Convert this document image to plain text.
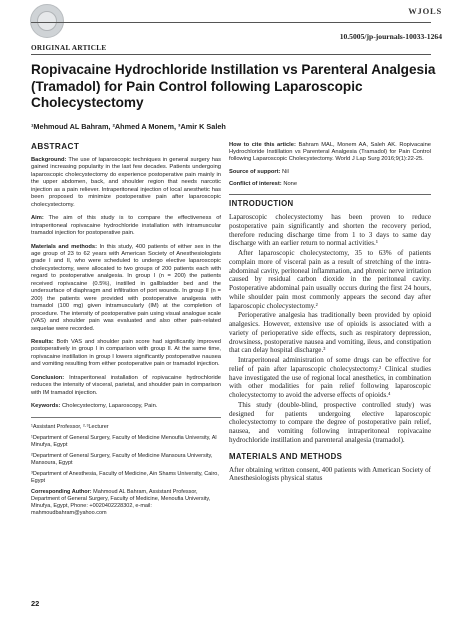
WJOLS
10.5005/jp-journals-10033-1264
ORIGINAL ARTICLE
Ropivacaine Hydrochloride Instillation vs Parenteral Analgesia (Tramadol) for Pain Control following Laparoscopic Cholecystectomy
¹Mehmoud AL Bahram, ²Ahmed A Monem, ³Amir K Saleh
ABSTRACT

Background: The use of laparoscopic techniques in general surgery has gained increasing popularity in the last few decades. Patients undergoing laparoscopic cholecystectomy do experience postoperative pain mainly in the upper abdomen, back, and shoulder region that needs narcotic injection as a pain reliever. Intraperitoneal injection of local anesthetic has been proposed to minimize postoperative pain after laparoscopic cholecystectomy.

Aim: The aim of this study is to compare the effectiveness of intraperitoneal ropivacaine hydrochloride installation with intramuscular tramadol injection for postoperative pain.

Materials and methods: In this study, 400 patients of either sex in the age group of 23 to 62 years with American Society of Anesthesiologists grade I and II, who were scheduled to undergo elective laparoscopic cholecystectomy, were allocated to two groups of 200 patients each with regard to postoperative analgesia. In group I (n = 200) the patients received ropivacaine (0.5%), instilled in gallbladder bed and the undersurface of diaphragm and infiltration of port wounds. In group II (n = 200) the patients were provided with postoperative analgesia with tramadol (100 mg) given intramuscularly (IM) at the completion of procedure. The intensity of postoperative pain using visual analogue scale (VAS) and shoulder pain was evaluated and also other pain-related sequelae were recorded.

Results: Both VAS and shoulder pain score had significantly improved postoperatively in group I in comparison with group II. At the same time, ropivacaine instillation in group I lowers significantly postoperative nausea and vomiting resulting from either postoperative pain or tramadol injection.

Conclusion: Intraperitoneal installation of ropivacaine hydrochloride reduces the intensity of visceral, parietal, and shoulder pain in comparison with IM tramadol injection.

Keywords: Cholecystectomy, Laparoscopy, Pain.

¹Assistant Professor, ²·³Lecturer

¹Department of General Surgery, Faculty of Medicine Menoufia University, Al Minufya, Egypt

²Department of General Surgery, Faculty of Medicine Mansoura University, Mansoura, Egypt

³Department of Anesthesia, Faculty of Medicine, Ain Shams University, Cairo, Egypt

Corresponding Author: Mahmoud AL Bahram, Assistant Professor, Department of General Surgery, Faculty of Medicine, Menoufia University, Minufya, Egypt, Phone: +0020402228302, e-mail: mahmoudbahram@yahoo.com

22

How to cite this article: Bahram MAL, Monem AA, Saleh AK. Ropivacaine Hydrochloride Instillation vs Parenteral Analgesia (Tramadol) for Pain Control following Laparoscopic Cholecystectomy. World J Lap Surg 2016;9(1):22-25.

Source of support: Nil

Conflict of interest: None

INTRODUCTION

Laparoscopic cholecystectomy has been proven to reduce postoperative pain significantly and shorten the recovery period, therefore reducing discharge time from 1 to 3 days to same day discharge with an earlier return to normal activities.¹

After laparoscopic cholecystectomy, 35 to 63% of patients complain more of visceral pain as a result of stretching of the intra-abdominal cavity, peritoneal inflammation, and phrenic nerve irritation caused by residual carbon dioxide in the peritoneal cavity. Postoperative abdominal pain usually occurs during the first 24 hours, while shoulder pain most commonly appears the second day after laparoscopic cholecystectomy.²

Perioperative analgesia has traditionally been provided by opioid analgesics. However, extensive use of opioids is associated with a variety of perioperative side effects, such as respiratory depression, drowsiness, postoperative nausea and vomiting, ileus, and constipation that can delay hospital discharge.³

Intraperitoneal administration of some drugs can be effective for relief of pain after laparoscopic cholecystectomy.² Clinical studies have investigated the use of regional local anesthetics, in combination with other modalities for pain relief following laparoscopic cholecystectomy to avoid the adverse effects of opioids.⁴

This study (double-blind, prospective controlled study) was designed for patients undergoing elective laparoscopic cholecystectomy to compare the degree of postoperative pain relief, nausea, and vomiting following intraperitoneal ropivacaine hydrochloride instillation and parenteral analgesia (tramadol).

MATERIALS AND METHODS

After obtaining written consent, 400 patients with American Society of Anesthesiologists physical status
